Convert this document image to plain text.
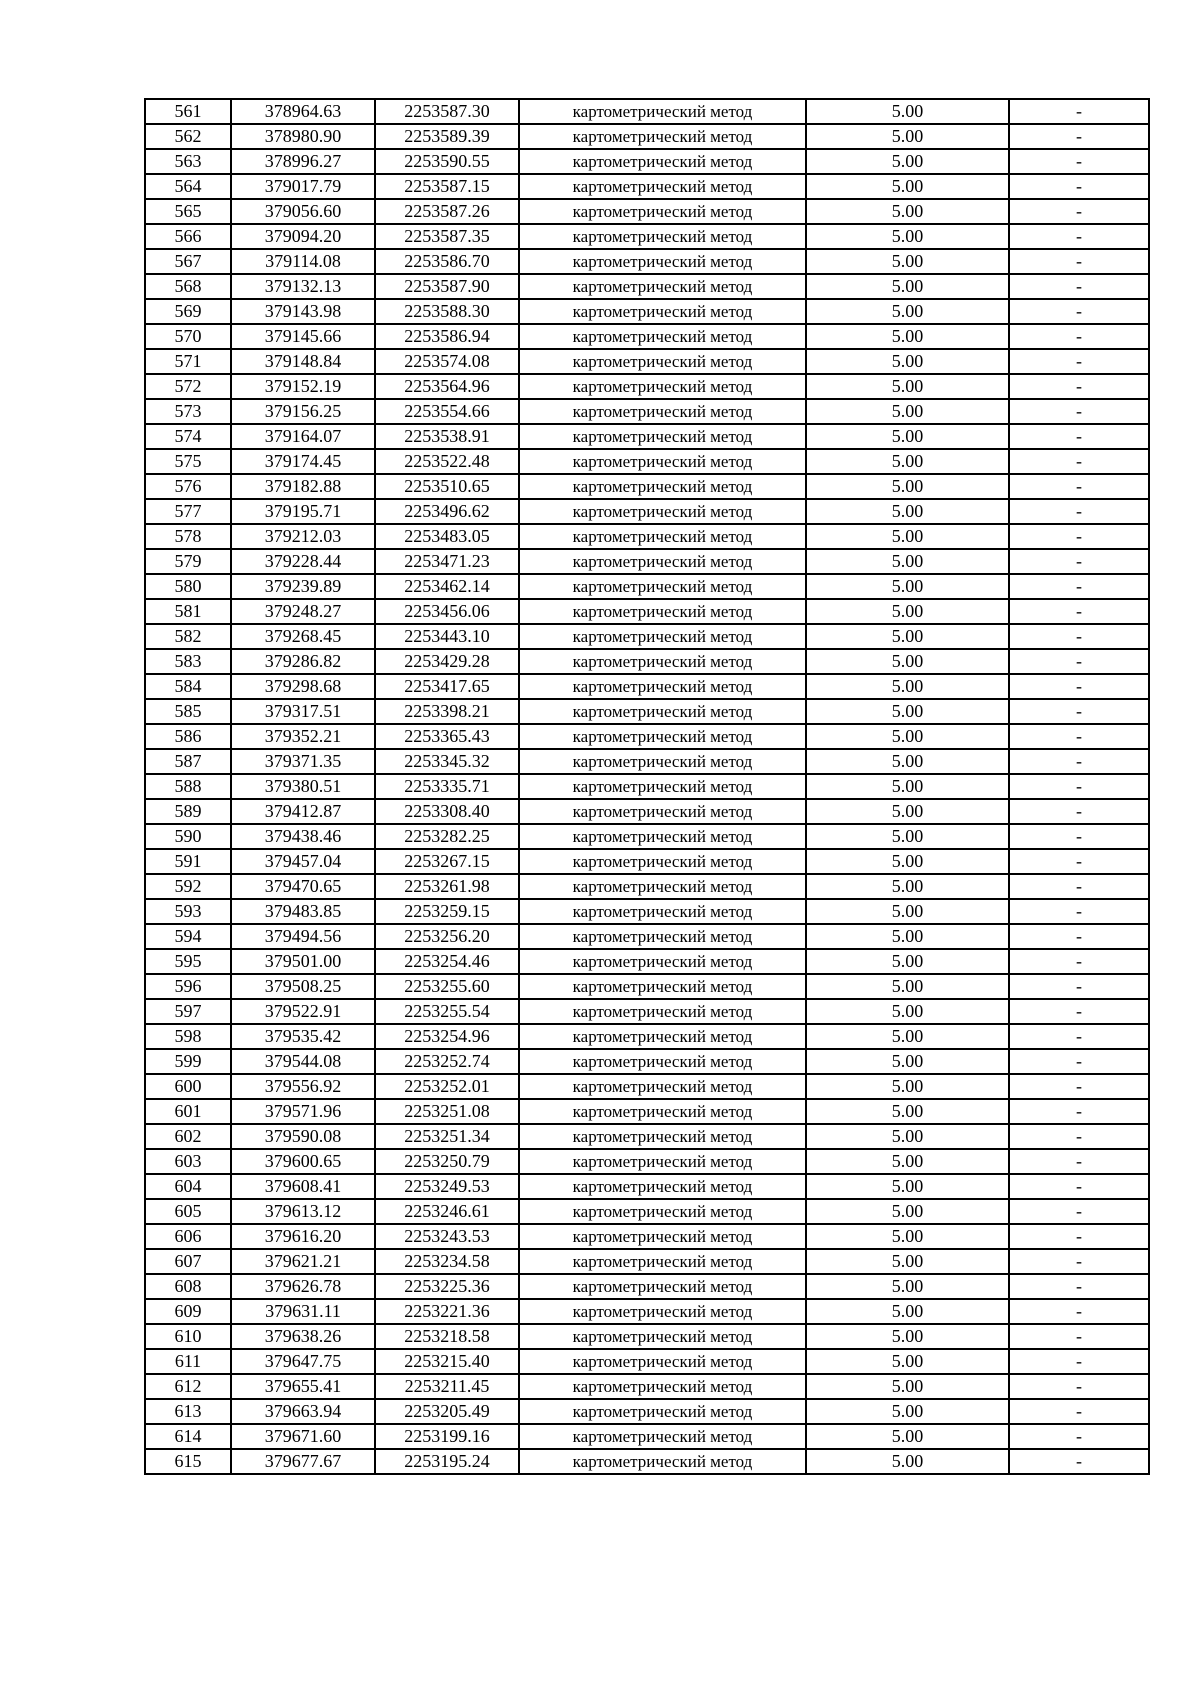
561	378964.63	2253587.30	картометрический метод	5.00	-
562	378980.90	2253589.39	картометрический метод	5.00	-
563	378996.27	2253590.55	картометрический метод	5.00	-
564	379017.79	2253587.15	картометрический метод	5.00	-
565	379056.60	2253587.26	картометрический метод	5.00	-
566	379094.20	2253587.35	картометрический метод	5.00	-
567	379114.08	2253586.70	картометрический метод	5.00	-
568	379132.13	2253587.90	картометрический метод	5.00	-
569	379143.98	2253588.30	картометрический метод	5.00	-
570	379145.66	2253586.94	картометрический метод	5.00	-
571	379148.84	2253574.08	картометрический метод	5.00	-
572	379152.19	2253564.96	картометрический метод	5.00	-
573	379156.25	2253554.66	картометрический метод	5.00	-
574	379164.07	2253538.91	картометрический метод	5.00	-
575	379174.45	2253522.48	картометрический метод	5.00	-
576	379182.88	2253510.65	картометрический метод	5.00	-
577	379195.71	2253496.62	картометрический метод	5.00	-
578	379212.03	2253483.05	картометрический метод	5.00	-
579	379228.44	2253471.23	картометрический метод	5.00	-
580	379239.89	2253462.14	картометрический метод	5.00	-
581	379248.27	2253456.06	картометрический метод	5.00	-
582	379268.45	2253443.10	картометрический метод	5.00	-
583	379286.82	2253429.28	картометрический метод	5.00	-
584	379298.68	2253417.65	картометрический метод	5.00	-
585	379317.51	2253398.21	картометрический метод	5.00	-
586	379352.21	2253365.43	картометрический метод	5.00	-
587	379371.35	2253345.32	картометрический метод	5.00	-
588	379380.51	2253335.71	картометрический метод	5.00	-
589	379412.87	2253308.40	картометрический метод	5.00	-
590	379438.46	2253282.25	картометрический метод	5.00	-
591	379457.04	2253267.15	картометрический метод	5.00	-
592	379470.65	2253261.98	картометрический метод	5.00	-
593	379483.85	2253259.15	картометрический метод	5.00	-
594	379494.56	2253256.20	картометрический метод	5.00	-
595	379501.00	2253254.46	картометрический метод	5.00	-
596	379508.25	2253255.60	картометрический метод	5.00	-
597	379522.91	2253255.54	картометрический метод	5.00	-
598	379535.42	2253254.96	картометрический метод	5.00	-
599	379544.08	2253252.74	картометрический метод	5.00	-
600	379556.92	2253252.01	картометрический метод	5.00	-
601	379571.96	2253251.08	картометрический метод	5.00	-
602	379590.08	2253251.34	картометрический метод	5.00	-
603	379600.65	2253250.79	картометрический метод	5.00	-
604	379608.41	2253249.53	картометрический метод	5.00	-
605	379613.12	2253246.61	картометрический метод	5.00	-
606	379616.20	2253243.53	картометрический метод	5.00	-
607	379621.21	2253234.58	картометрический метод	5.00	-
608	379626.78	2253225.36	картометрический метод	5.00	-
609	379631.11	2253221.36	картометрический метод	5.00	-
610	379638.26	2253218.58	картометрический метод	5.00	-
611	379647.75	2253215.40	картометрический метод	5.00	-
612	379655.41	2253211.45	картометрический метод	5.00	-
613	379663.94	2253205.49	картометрический метод	5.00	-
614	379671.60	2253199.16	картометрический метод	5.00	-
615	379677.67	2253195.24	картометрический метод	5.00	-
